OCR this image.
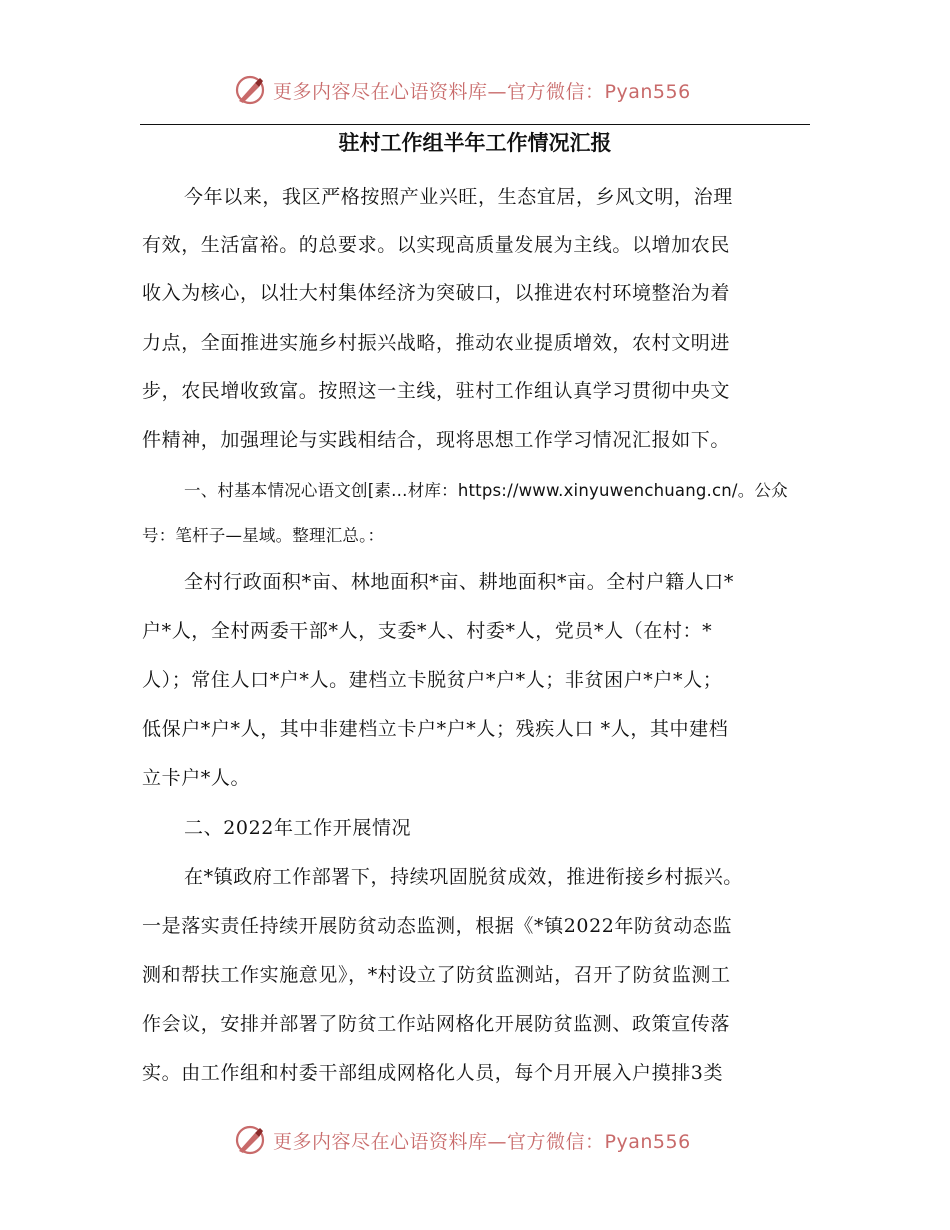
更多内容尽在心语资料库—官方微信：Pyan556
驻村工作组半年工作情况汇报
今年以来，我区严格按照产业兴旺，生态宜居，乡风文明，治理
有效，生活富裕。的总要求。以实现高质量发展为主线。以增加农民
收入为核心，以壮大村集体经济为突破口，以推进农村环境整治为着
力点，全面推进实施乡村振兴战略，推动农业提质增效，农村文明进
步，农民增收致富。按照这一主线，驻村工作组认真学习贯彻中央文
件精神，加强理论与实践相结合，现将思想工作学习情况汇报如下。
一、村基本情况心语文创[素…材库：https://www.xinyuwenchuang.cn/。公众
号：笔杆子—星域。整理汇总。：
全村行政面积*亩、林地面积*亩、耕地面积*亩。全村户籍人口*
户*人，全村两委干部*人，支委*人、村委*人，党员*人（在村：*
人）；常住人口*户*人。建档立卡脱贫户*户*人；非贫困户*户*人；
低保户*户*人，其中非建档立卡户*户*人；残疾人口 *人，其中建档
立卡户*人。
二、2022年工作开展情况
在*镇政府工作部署下，持续巩固脱贫成效，推进衔接乡村振兴。
一是落实责任持续开展防贫动态监测，根据《*镇2022年防贫动态监
测和帮扶工作实施意见》，*村设立了防贫监测站，召开了防贫监测工
作会议，安排并部署了防贫工作站网格化开展防贫监测、政策宣传落
实。由工作组和村委干部组成网格化人员，每个月开展入户摸排3类
更多内容尽在心语资料库—官方微信：Pyan556
